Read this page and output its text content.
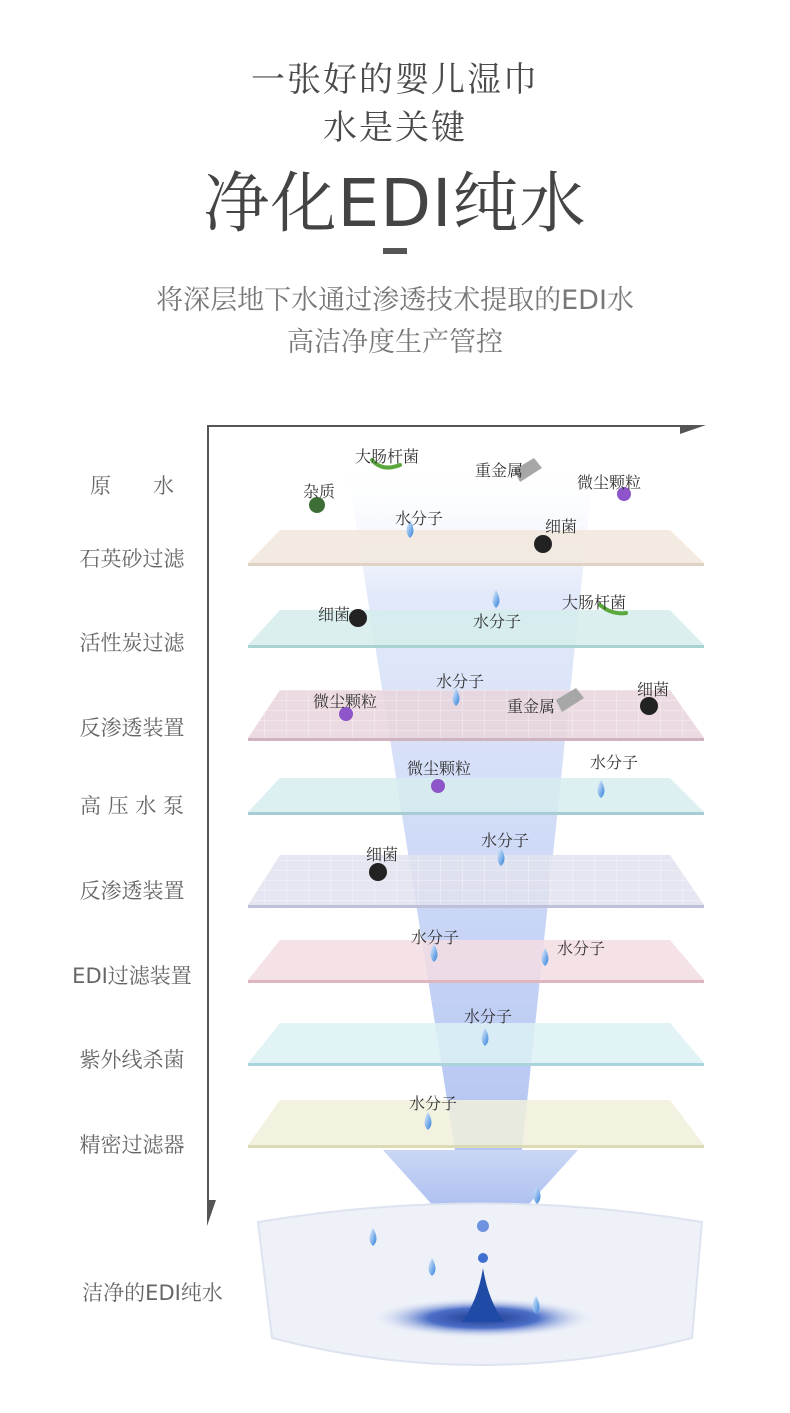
一张好的婴儿湿巾
水是关键
净化EDI纯水
将深层地下水通过渗透技术提取的EDI水
高洁净度生产管控
原　　水
石英砂过滤
活性炭过滤
反渗透装置
高 压 水 泵
反渗透装置
EDI过滤装置
紫外线杀菌
精密过滤器
洁净的EDI纯水
大肠杆菌
重金属
微尘颗粒
杂质
水分子	细菌
大肠杆菌
细菌	水分子
水分子	细菌
微尘颗粒	重金属
水分子
微尘颗粒
水分子
细菌
水分子
水分子
水分子
水分子
